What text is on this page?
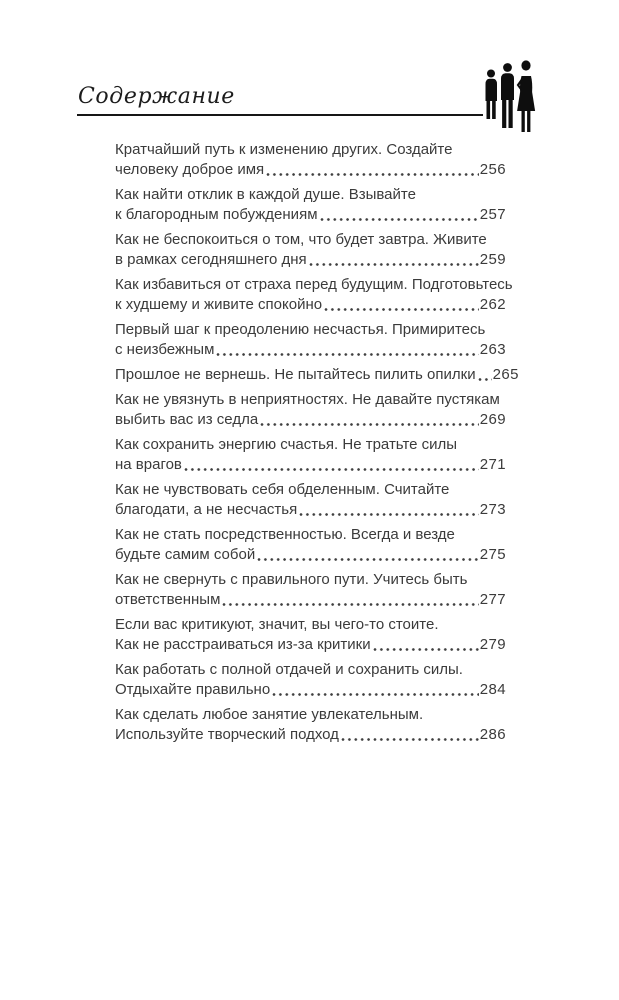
Содержание
Кратчайший путь к изменению других. Создайте
человеку доброе имя	256
Как найти отклик в каждой душе. Взывайте
к благородным побуждениям	257
Как не беспокоиться о том, что будет завтра. Живите
в рамках сегодняшнего дня	259
Как избавиться от страха перед будущим. Подготовьтесь
к худшему и живите спокойно	262
Первый шаг к преодолению несчастья. Примиритесь
с неизбежным	263
Прошлое не вернешь. Не пытайтесь пилить опилки 265
Как не увязнуть в неприятностях. Не давайте пустякам
выбить вас из седла	269
Как сохранить энергию счастья. Не тратьте силы
на врагов	271
Как не чувствовать себя обделенным. Считайте
благодати, а не несчастья	273
Как не стать посредственностью. Всегда и везде
будьте самим собой	275
Как не свернуть с правильного пути. Учитесь быть
ответственным	277
Если вас критикуют, значит, вы чего-то стоите.
Как не расстраиваться из-за критики	279
Как работать с полной отдачей и сохранить силы.
Отдыхайте правильно	284
Как сделать любое занятие увлекательным.
Используйте творческий подход	286
